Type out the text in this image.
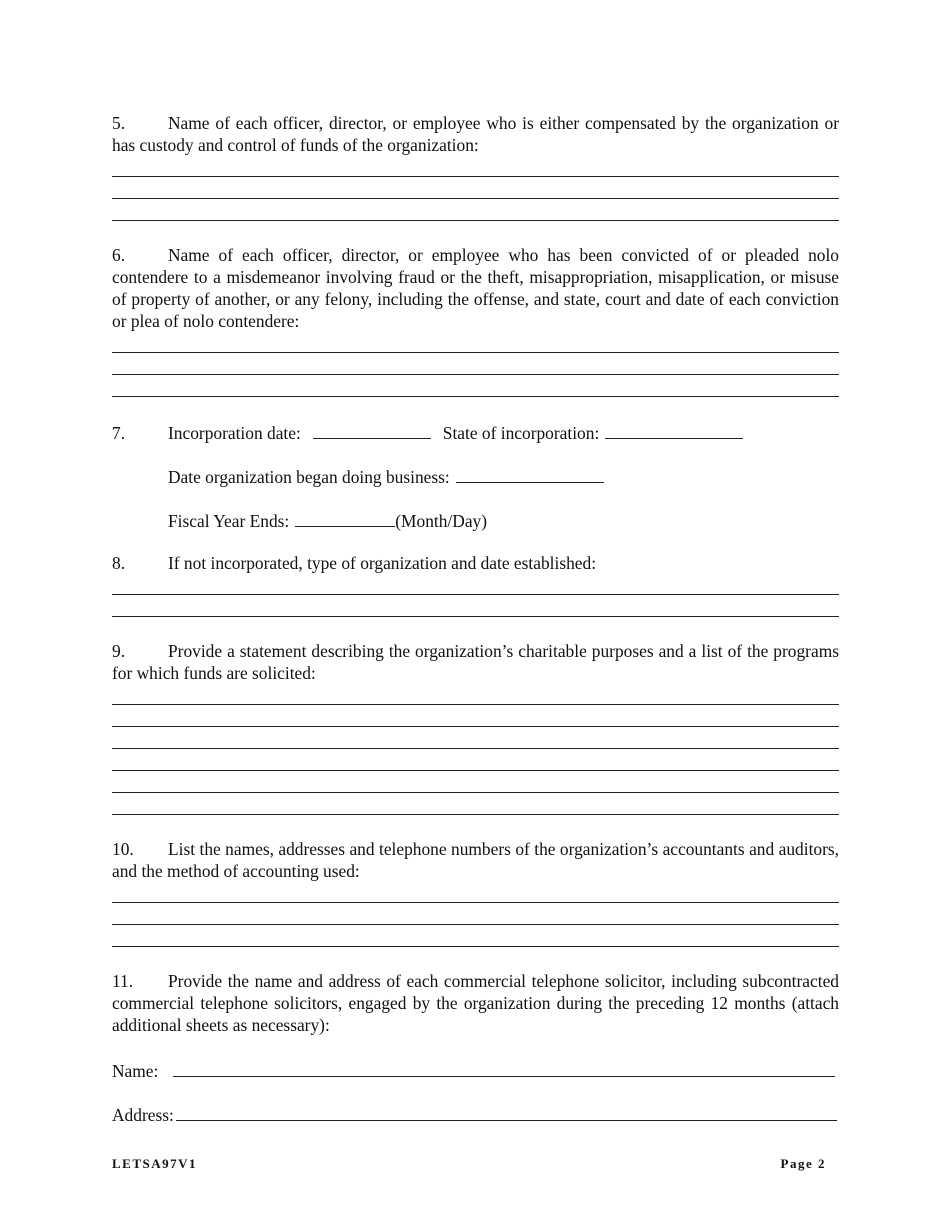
5. Name of each officer, director, or employee who is either compensated by the organization or has custody and control of funds of the organization:

6. Name of each officer, director, or employee who has been convicted of or pleaded nolo contendere to a misdemeanor involving fraud or the theft, misappropriation, misapplication, or misuse of property of another, or any felony, including the offense, and state, court and date of each conviction or plea of nolo contendere:

7. Incorporation date:	State of incorporation:
Date organization began doing business:
Fiscal Year Ends:	(Month/Day)

8. If not incorporated, type of organization and date established:

9. Provide a statement describing the organization’s charitable purposes and a list of the programs for which funds are solicited:

10. List the names, addresses and telephone numbers of the organization’s accountants and auditors, and the method of accounting used:

11. Provide the name and address of each commercial telephone solicitor, including subcontracted commercial telephone solicitors, engaged by the organization during the preceding 12 months (attach additional sheets as necessary):

Name:
Address:
LETSA97V1	Page 2
